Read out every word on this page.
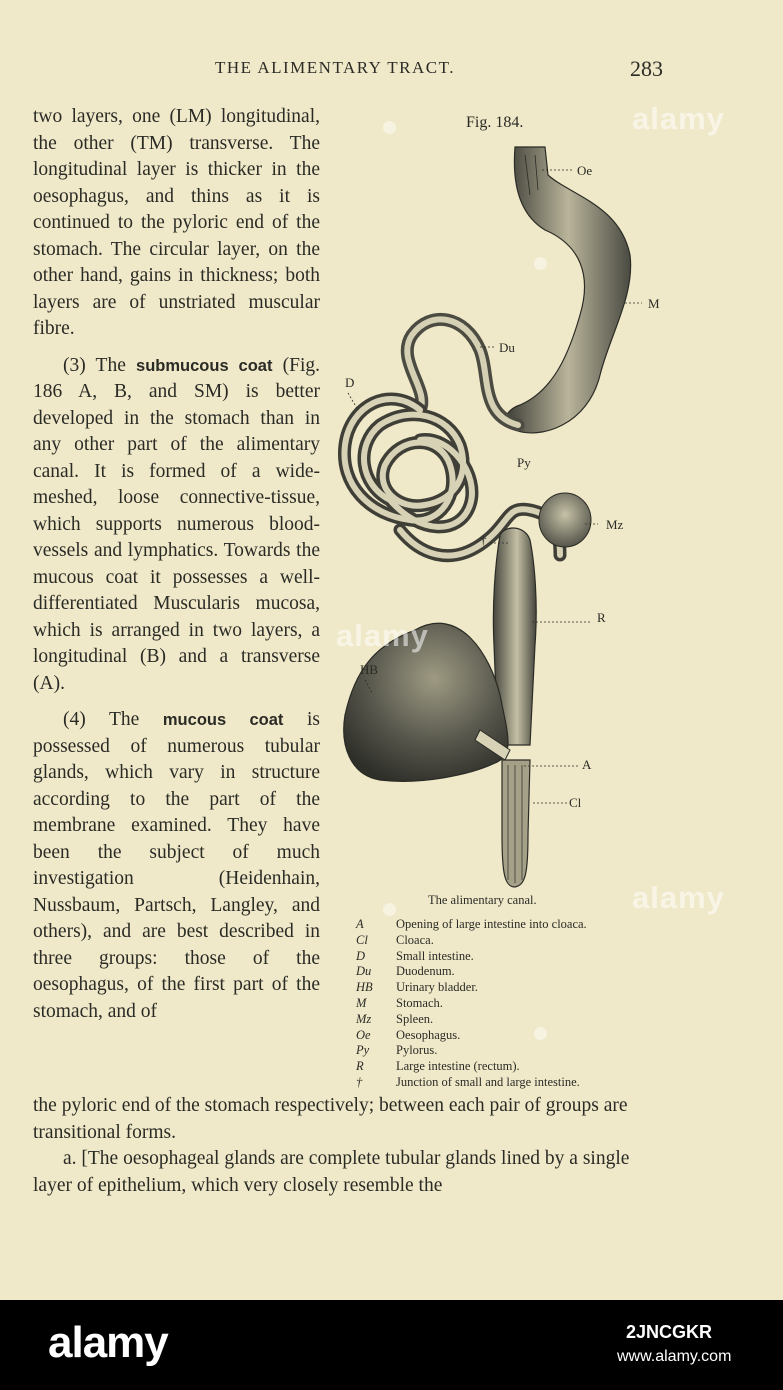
THE ALIMENTARY TRACT.	283

two layers, one (LM) longitudinal, the other (TM) transverse. The longitudinal layer is thicker in the oesophagus, and thins as it is continued to the pyloric end of the stomach. The circular layer, on the other hand, gains in thickness; both layers are of unstriated muscular fibre.

(3) The submucous coat (Fig. 186 A, B, and SM) is better developed in the stomach than in any other part of the alimentary canal. It is formed of a wide-meshed, loose connective-tissue, which supports numerous blood-vessels and lymphatics. Towards the mucous coat it possesses a well-differentiated Muscularis mucosa, which is arranged in two layers, a longitudinal (B) and a transverse (A).

(4) The mucous coat is possessed of numerous tubular glands, which vary in structure according to the part of the membrane examined. They have been the subject of much investigation (Heidenhain, Nussbaum, Partsch, Langley, and others), and are best described in three groups: those of the oesophagus, of the first part of the stomach, and of

the pyloric end of the stomach respectively; between each pair of groups are transitional forms.

a. [The oesophageal glands are complete tubular glands lined by a single layer of epithelium, which very closely resemble the

Fig. 184.
Oe
M
Du
D
Py
Mz
†
R
HB
A
Cl
The alimentary canal.
A	Opening of large intestine into cloaca.
Cl	Cloaca.
D	Small intestine.
Du	Duodenum.
HB	Urinary bladder.
M	Stomach.
Mz	Spleen.
Oe	Oesophagus.
Py	Pylorus.
R	Large intestine (rectum).
†	Junction of small and large intestine.
alamy
alamy
alamy
alamy	2JNCGKR
www.alamy.com
